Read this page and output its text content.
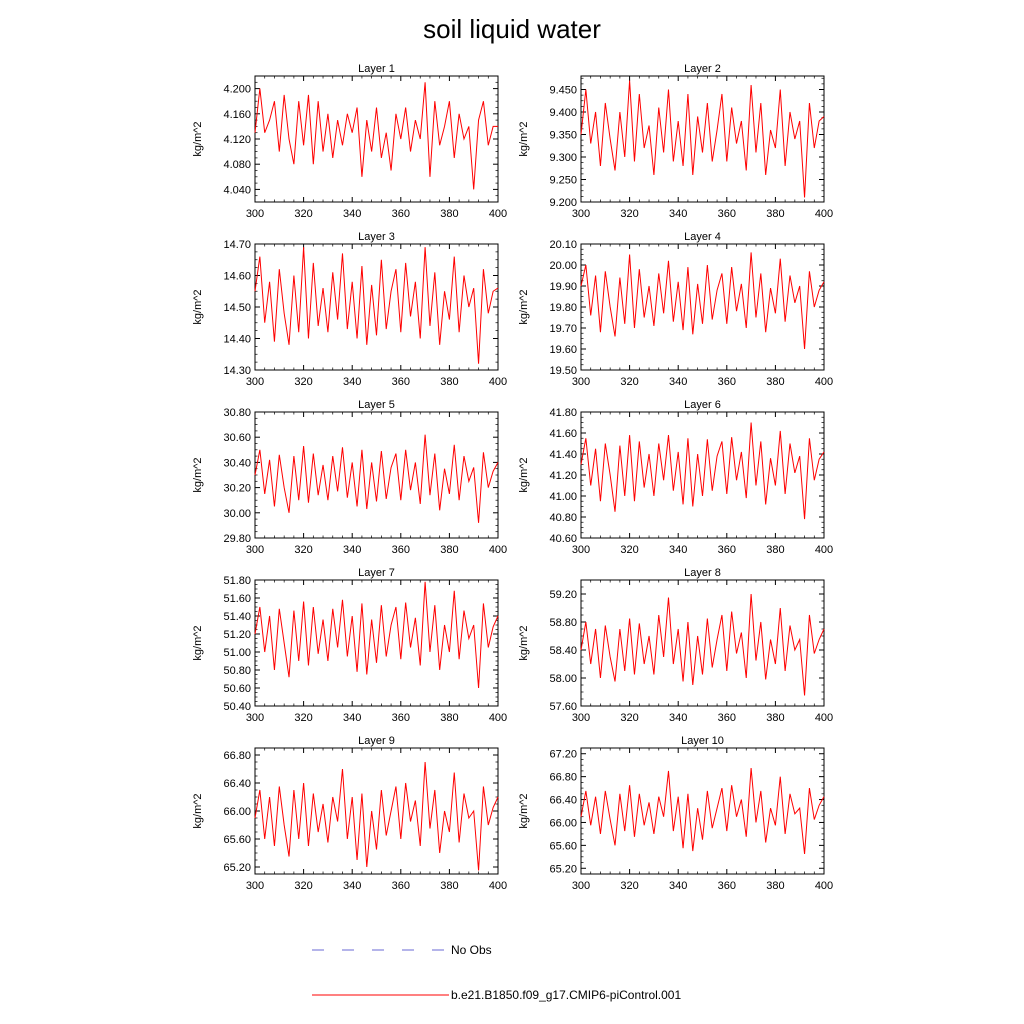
soil liquid water
Layer 1
kg/m^2
300	320	340	360	380	400
4.040
4.080
4.120
4.160
4.200
Layer 2
kg/m^2
300	320	340	360	380	400
9.200
9.250
9.300
9.350
9.400
9.450
Layer 3
kg/m^2
300	320	340	360	380	400
14.30
14.40
14.50
14.60
14.70
Layer 4
kg/m^2
300	320	340	360	380	400
19.50
19.60
19.70
19.80
19.90
20.00
20.10
Layer 5
kg/m^2
300	320	340	360	380	400
29.80
30.00
30.20
30.40
30.60
30.80
Layer 6
kg/m^2
300	320	340	360	380	400
40.60
40.80
41.00
41.20
41.40
41.60
41.80
Layer 7
kg/m^2
300	320	340	360	380	400
50.40
50.60
50.80
51.00
51.20
51.40
51.60
51.80
Layer 8
kg/m^2
300	320	340	360	380	400
57.60
58.00
58.40
58.80
59.20
Layer 9
kg/m^2
300	320	340	360	380	400
65.20
65.60
66.00
66.40
66.80
Layer 10
kg/m^2
300	320	340	360	380	400
65.20
65.60
66.00
66.40
66.80
67.20
No Obs
b.e21.B1850.f09_g17.CMIP6-piControl.001
